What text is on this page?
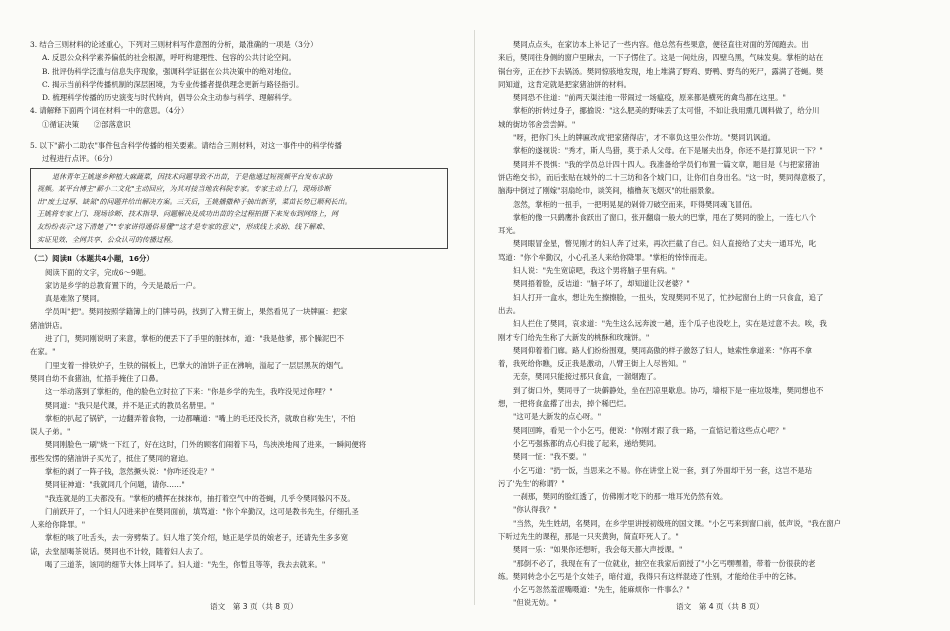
3. 结合三则材料的论述重心，下列对三则材料写作意图的分析，最准确的一项是（3分）
A. 反思公众科学素养偏低的社会根源，呼吁构建理性、包容的公共讨论空间。
B. 批评伪科学泛滥与信息失序现象，强调科学证据在公共决策中的绝对地位。
C. 揭示当前科学传播机制的深层困境，为专业传播者提供理念更新与路径指引。
D. 梳理科学传播的历史演变与时代转向，倡导公众主动参与科学、理解科学。
4. 请解释下面两个词在材料一中的意思。（4分）
①循证决策　　②部落意识
5. 以下"薪小二助农"事件包含科学传播的相关要素。请结合三则材料，对这一事件中的科学传播
过程进行点评。（6分）
退休青年王姚遂乡种植大麻蔬菜，因技术问题导致不出苗，于是他通过短视频平台发布求助
视频。某平台博主"薪小二文化"主动回应，为其对接当地农科院专家。专家主动上门，现场诊断
出"废土过厚、缺氮"的问题并给出解决方案。三天后，王姚播撒种子抽出新芽，菜苗长势已顺利长出。
王姚将专家上门、现场诊断、技术指导、问题解决及成功出苗的全过程拍摄下来发布到网络上，网
友纷纷表示"这下清楚了""专家讲得通俗易懂""这才是专家的意义"，形成线上求助、线下解难、
实证见效、全网共享、公众认可的传播过程。
（二）阅读Ⅱ（本题共4小题，16分）
阅读下面的文字，完成6～9题。
家访是乡学的总教育置下的，今天是最后一户。
真是难煞了樊同。
学员叫"把"。樊同按照学籍簿上的门牌号码，找到了入臂王街上，果然看见了一块牌匾：把家
猪油饼店。
进了门，樊同刚说明了来意，掌柜的便丢下了手里的脏抹布，道："我是他爹，那个臊泥巴不
在家。"
门里支着一排铁炉子，生铁的锅板上，巴掌大的油饼子正在沸响，溢起了一层层黑灰的烟气。
樊同自幼不食猪油，忙捂手掩住了口鼻。
这一举动落到了掌柜的，他的脸色立时拉了下来："你是乡学的先生，我咋没见过你哩？"
樊同道："我只是代课，并不是正式的教员名册里。"
掌柜的扒起了锅铲，一边翻弄着食物，一边都囔道："嘴上的毛还没长齐，就敢自称'先生'，不怕
误人子弟。"
樊同刚脸色一刷"烧一下红了，好在这时，门外的顾客们闹着下马，鸟泱泱地闯了进来，一瞬间便将
那些发愣的猪油饼子买光了，抵住了樊同的窘迫。
掌柜的剥了一阵子钱，忽然撅头说："你咋还没走？"
樊同征神道："我就同几个问题，请你……"
"我连就是的工夫都没有。"掌柜的横挥在抹抹布，抽打着空气中的苍蝇，几乎令樊同躲闪不及。
门前跃开了，一个妇人闪进来护在樊同面前，填骂道："你个牟勤汉，这可是教书先生，仔细孔圣
人来给你降罪。"
掌柜的咳了吐舌头，去一旁劈柴了。妇人堆了笑介绍，她正是学员的娘老子，还请先生多多宽
谅，去堂屋喝茶说话。樊同也不计较，随着妇人去了。
喝了三道茶，该同的细节大体上同毕了。妇人道："先生，你暂且等等，我去去就来。"
樊同点点头，在家访本上补记了一些内容。他总然有些果意，便径直往对面的芳闻跑去。出
来后，樊同往身侧的窗户里瞅去，一下子愣住了。这是一间灶房，四壁乌黑，气味发臭。掌柜的站在
锅台旁，正在抄下去锅汤。樊同惊骇地发现，地上堆满了野鸡、野鸭、野鸟的死尸，露满了苍蝇。樊
同知道，这肯定就是把家猪油饼的材料。
樊同恐不住道："前两天渠洼池一带闹过一场瘟疫，原来都是横死的禽鸟都在这里。"
掌柜的折转过身子，挪揄说："这么肥美的野味丢了太可惜，不如让我用熏几调料做了，给分川
城的街坊邻舍尝尝鲜。"
"呀，把你门头上的牌匾改成'把家猪得店'，才不辜负这里公作坊。"樊同讥讽道。
掌柜的遂视说："秀才，斯人鸟猎，莫于杀人父母。在下是屠夫出身，你还不是打算见识一下？"
樊同并不畏惧："我的学员总计四十四人。我准备给学员们布置一篇文章，题目是《与把家猪油
饼店绝交书》，而后张贴在城外的二十三坊和各个城门口，让你们自身出名。"这一时，樊同得意极了，
脑海中倒过了刚嫁"羽扇纶巾，谈笑间，樯橹灰飞烟灭"的壮丽景象。
忽然，掌柜的一扭手，一把明晃晃的剁骨刀破空而来，吓得樊同魂飞冒佰。
掌柜的像一只鹞鹰扑食跃出了窗口，张开翻扇一般大的巴掌，甩在了樊同的脸上，一连七八个
耳光。
樊同眼冒金星，瞥见刚才的妇人奔了过来，再次拦截了自己。妇人直接给了丈夫一通耳光，叱
骂道："你个牟勤汉，小心孔圣人来给你降罪。"掌柜的悻悻而走。
妇人说："先生宽谅吧，我这个男将脑子里有病。"
樊同捂着脸，反诘道："脑子坏了，却知道让汉老婆？"
妇人打开一盒水，想让先生擦擦脸，一扭头，发现樊同不见了，忙抄起窗台上的一只食盒，追了
出去。
妇人拦住了樊同，哀求道："先生这么远奔波一趟，连个瓜子也没吃上，实在是过意不去。唉，我
刚才专门给先生称了大新发的桃酥和玫瑰饼。"
樊同仰着着门廊。路人们纷纷围观，樊同高傲的样子激怒了妇人，她索性拿道来："你再不拿
着，我死给你瞧，反正我是激动，八臂王街上人尽皆知。"
无奈，樊同只能接过那只食盒，一溜烟跑了。
到了街口外，樊同寻了一块僻静处，坐在凹凉里歇息。协巧，墙根下是一座垃圾堆，樊同想也不
想，一把将食盒撂了出去，掉个稀巴烂。
"这可是大新发的点心呀。"
樊同回眸，看见一个小乞丐，便说："你刚才跟了我一路，一直惦记着这些点心吧？"
小乞丐强拣都的点心归拢了起来，递给樊同。
樊同一怔："我不要。"
小乞丐道："扔一饭，当思来之不易。你在讲堂上说一套，到了外面却干另一套，这岂不是玷
污了'先生'的称谓？"
一刹那，樊同的脸红透了，仿佛刚才吃下的那一堆耳光仍然有效。
"你认得我？"
"当然，先生姓胡，名樊同，在乡学里讲授初级班的国文课。"小乞丐来到窗口前，低声说，"我在窗户
下听过先生的课程，那是一只夹黄狗，简直吓死人了。"
樊同一乐："如果你还想听，我会每天都大声授课。"
"那倒不必了，我现在有了一位就业，抽空在我家后面授了"小乞丐嘿嘿着，带着一份很获的老
练。樊同转念小乞丐是个女娃子，暗付道，我得只有这样混迹了性别，才能给住手中的乞钵。
小乞丐忽然羞涩嘴嗫道："先生，能麻烦你一件事么？"
"但说无妨。"
语文　第 3 页（共 8 页）	语文　第 4 页（共 8 页）
